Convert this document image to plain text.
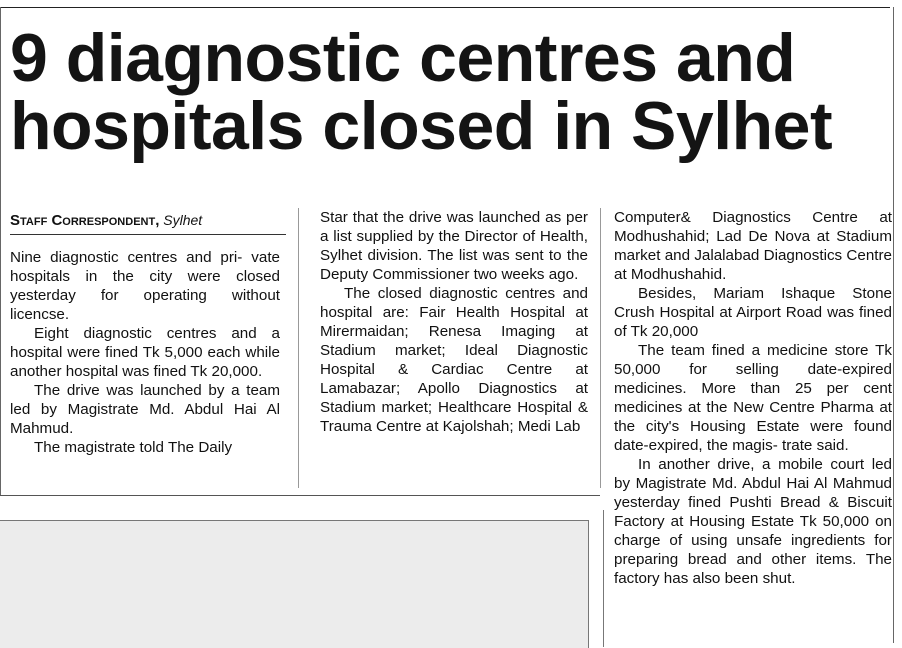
9 diagnostic centres and
hospitals closed in Sylhet
Staff Correspondent, Sylhet

Nine diagnostic centres and pri- vate hospitals in the city were closed yesterday for operating without licencse.

Eight diagnostic centres and a hospital were fined Tk 5,000 each while another hospital was fined Tk 20,000.

The drive was launched by a team led by Magistrate Md. Abdul Hai Al Mahmud.

The magistrate told The Daily

Star that the drive was launched as per a list supplied by the Director of Health, Sylhet division. The list was sent to the Deputy Commissioner two weeks ago.

The closed diagnostic centres and hospital are: Fair Health Hospital at Mirermaidan; Renesa Imaging at Stadium market; Ideal Diagnostic Hospital & Cardiac Centre at Lamabazar; Apollo Diagnostics at Stadium market; Healthcare Hospital & Trauma Centre at Kajolshah; Medi Lab

Computer& Diagnostics Centre at Modhushahid; Lad De Nova at Stadium market and Jalalabad Diagnostics Centre at Modhushahid.

Besides, Mariam Ishaque Stone Crush Hospital at Airport Road was fined of Tk 20,000

The team fined a medicine store Tk 50,000 for selling date-expired medicines. More than 25 per cent medicines at the New Centre Pharma at the city's Housing Estate were found date-expired, the magis- trate said.

In another drive, a mobile court led by Magistrate Md. Abdul Hai Al Mahmud yesterday fined Pushti Bread & Biscuit Factory at Housing Estate Tk 50,000 on charge of using unsafe ingredients for preparing bread and other items. The factory has also been shut.
